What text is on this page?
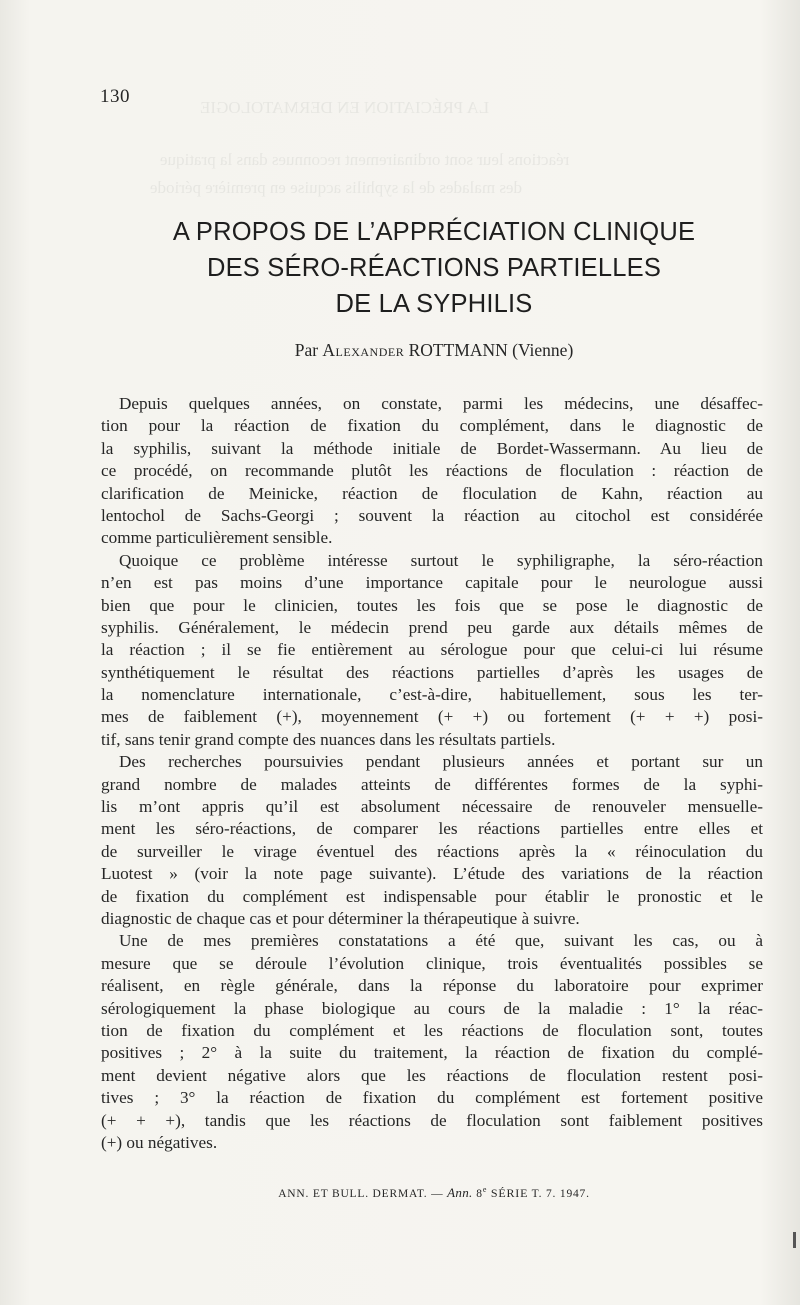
LA PRÉCIATION EN DERMATOLOGIE
réactions leur sont ordinairement reconnues dans la pratique
des malades de la syphilis acquise en première période
130
A PROPOS DE L’APPRÉCIATION CLINIQUE
DES SÉRO-RÉACTIONS PARTIELLES
DE LA SYPHILIS
Par Alexander ROTTMANN (Vienne)
Depuis quelques années, on constate, parmi les médecins, une désaffec-
tion pour la réaction de fixation du complément, dans le diagnostic de
la syphilis, suivant la méthode initiale de Bordet-Wassermann. Au lieu de
ce procédé, on recommande plutôt les réactions de floculation : réaction de
clarification de Meinicke, réaction de floculation de Kahn, réaction au
lentochol de Sachs-Georgi ; souvent la réaction au citochol est considérée
comme particulièrement sensible.
Quoique ce problème intéresse surtout le syphiligraphe, la séro-réaction
n’en est pas moins d’une importance capitale pour le neurologue aussi
bien que pour le clinicien, toutes les fois que se pose le diagnostic de
syphilis. Généralement, le médecin prend peu garde aux détails mêmes de
la réaction ; il se fie entièrement au sérologue pour que celui-ci lui résume
synthétiquement le résultat des réactions partielles d’après les usages de
la nomenclature internationale, c’est-à-dire, habituellement, sous les ter-
mes de faiblement (+), moyennement (+ +) ou fortement (+ + +) posi-
tif, sans tenir grand compte des nuances dans les résultats partiels.
Des recherches poursuivies pendant plusieurs années et portant sur un
grand nombre de malades atteints de différentes formes de la syphi-
lis m’ont appris qu’il est absolument nécessaire de renouveler mensuelle-
ment les séro-réactions, de comparer les réactions partielles entre elles et
de surveiller le virage éventuel des réactions après la « réinoculation du
Luotest » (voir la note page suivante). L’étude des variations de la réaction
de fixation du complément est indispensable pour établir le pronostic et le
diagnostic de chaque cas et pour déterminer la thérapeutique à suivre.
Une de mes premières constatations a été que, suivant les cas, ou à
mesure que se déroule l’évolution clinique, trois éventualités possibles se
réalisent, en règle générale, dans la réponse du laboratoire pour exprimer
sérologiquement la phase biologique au cours de la maladie : 1° la réac-
tion de fixation du complément et les réactions de floculation sont, toutes
positives ; 2° à la suite du traitement, la réaction de fixation du complé-
ment devient négative alors que les réactions de floculation restent posi-
tives ; 3° la réaction de fixation du complément est fortement positive
(+ + +), tandis que les réactions de floculation sont faiblement positives
(+) ou négatives.
ANN. ET BULL. DERMAT. — Ann. 8e SÉRIE T. 7. 1947.
